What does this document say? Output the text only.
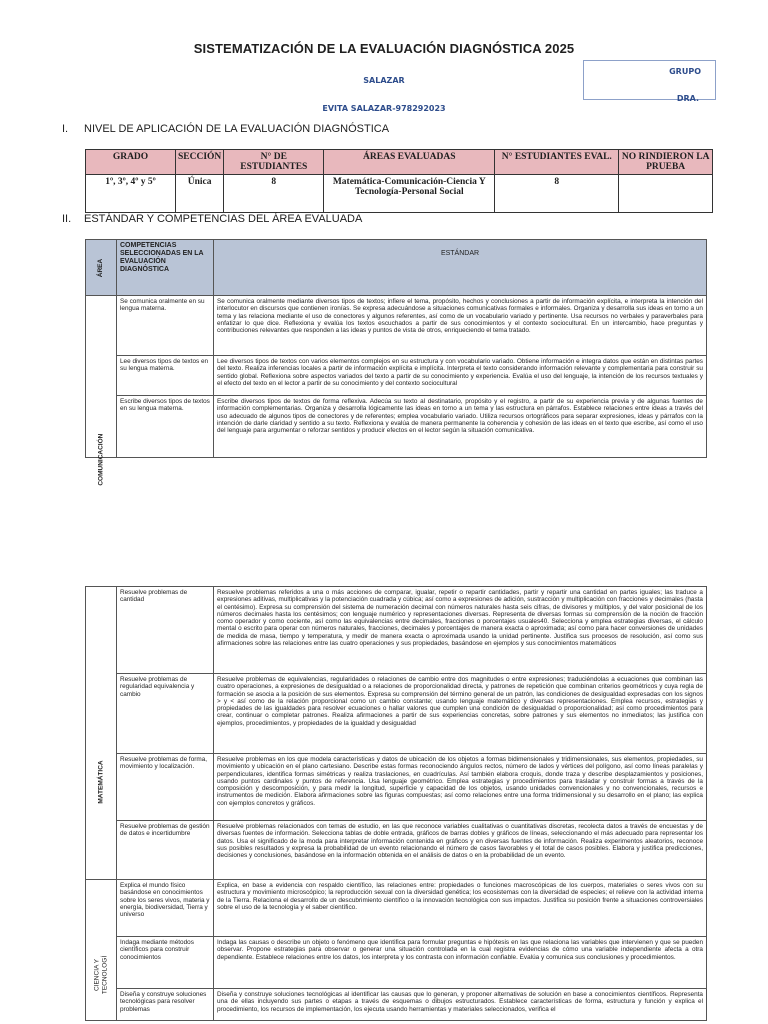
SISTEMATIZACIÓN DE LA EVALUACIÓN DIAGNÓSTICA 2025
SALAZAR
EVITA SALAZAR-978292023
GRUPO
DRA.
I. NIVEL DE APLICACIÓN DE LA EVALUACIÓN DIAGNÓSTICA
GRADO	SECCIÓN	N° DE ESTUDIANTES	ÁREAS EVALUADAS	N° ESTUDIANTES EVAL.	NO RINDIERON LA PRUEBA
1º, 3º, 4º y 5º	Única	8	Matemática-Comunicación-Ciencia Y Tecnología-Personal Social	8	
II. ESTÁNDAR Y COMPETENCIAS DEL ÁREA EVALUADA
ÁREA	COMPETENCIAS SELECCIONADAS EN LA EVALUACIÓN DIAGNÓSTICA	ESTÁNDAR

COMUNICACIÓN	Se comunica oralmente en su lengua materna.	Se comunica oralmente mediante diversos tipos de textos; infiere el tema, propósito, hechos y conclusiones a partir de información explícita, e interpreta la intención del interlocutor en discursos que contienen ironías. Se expresa adecuándose a situaciones comunicativas formales e informales. Organiza y desarrolla sus ideas en torno a un tema y las relaciona mediante el uso de conectores y algunos referentes, así como de un vocabulario variado y pertinente. Usa recursos no verbales y paraverbales para enfatizar lo que dice. Reflexiona y evalúa los textos escuchados a partir de sus conocimientos y el contexto sociocultural. En un intercambio, hace preguntas y contribuciones relevantes que responden a las ideas y puntos de vista de otros, enriqueciendo el tema tratado.
	Lee diversos tipos de textos en su lengua materna.	Lee diversos tipos de textos con varios elementos complejos en su estructura y con vocabulario variado. Obtiene información e integra datos que están en distintas partes del texto. Realiza inferencias locales a partir de información explícita e implícita. Interpreta el texto considerando información relevante y complementaria para construir su sentido global. Reflexiona sobre aspectos variados del texto a partir de su conocimiento y experiencia. Evalúa el uso del lenguaje, la intención de los recursos textuales y el efecto del texto en el lector a partir de su conocimiento y del contexto sociocultural
	Escribe diversos tipos de textos en su lengua materna.	Escribe diversos tipos de textos de forma reflexiva. Adecúa su texto al destinatario, propósito y el registro, a partir de su experiencia previa y de algunas fuentes de información complementarias. Organiza y desarrolla lógicamente las ideas en torno a un tema y las estructura en párrafos. Establece relaciones entre ideas a través del uso adecuado de algunos tipos de conectores y de referentes; emplea vocabulario variado. Utiliza recursos ortográficos para separar expresiones, ideas y párrafos con la intención de darle claridad y sentido a su texto. Reflexiona y evalúa de manera permanente la coherencia y cohesión de las ideas en el texto que escribe, así como el uso del lenguaje para argumentar o reforzar sentidos y producir efectos en el lector según la situación comunicativa.
MATEMÁTICA	Resuelve problemas de cantidad	Resuelve problemas referidos a una o más acciones de comparar, igualar, repetir o repartir cantidades, partir y repartir una cantidad en partes iguales; las traduce a expresiones aditivas, multiplicativas y la potenciación cuadrada y cúbica; así como a expresiones de adición, sustracción y multiplicación con fracciones y decimales (hasta el centésimo). Expresa su comprensión del sistema de numeración decimal con números naturales hasta seis cifras, de divisores y múltiplos, y del valor posicional de los números decimales hasta los centésimos; con lenguaje numérico y representaciones diversas. Representa de diversas formas su comprensión de la noción de fracción como operador y como cociente, así como las equivalencias entre decimales, fracciones o porcentajes usuales40. Selecciona y emplea estrategias diversas, el cálculo mental o escrito para operar con números naturales, fracciones, decimales y porcentajes de manera exacta o aproximada; así como para hacer conversiones de unidades de medida de masa, tiempo y temperatura, y medir de manera exacta o aproximada usando la unidad pertinente. Justifica sus procesos de resolución, así como sus afirmaciones sobre las relaciones entre las cuatro operaciones y sus propiedades, basándose en ejemplos y sus conocimientos matemáticos
	Resuelve problemas de regularidad equivalencia y cambio	Resuelve problemas de equivalencias, regularidades o relaciones de cambio entre dos magnitudes o entre expresiones; traduciéndolas a ecuaciones que combinan las cuatro operaciones, a expresiones de desigualdad o a relaciones de proporcionalidad directa, y patrones de repetición que combinan criterios geométricos y cuya regla de formación se asocia a la posición de sus elementos. Expresa su comprensión del término general de un patrón, las condiciones de desigualdad expresadas con los signos > y < así como de la relación proporcional como un cambio constante; usando lenguaje matemático y diversas representaciones. Emplea recursos, estrategias y propiedades de las igualdades para resolver ecuaciones o hallar valores que cumplen una condición de desigualdad o proporcionalidad; así como procedimientos para crear, continuar o completar patrones. Realiza afirmaciones a partir de sus experiencias concretas, sobre patrones y sus elementos no inmediatos; las justifica con ejemplos, procedimientos, y propiedades de la igualdad y desigualdad
	Resuelve problemas de forma, movimiento y localización.	Resuelve problemas en los que modela características y datos de ubicación de los objetos a formas bidimensionales y tridimensionales, sus elementos, propiedades, su movimiento y ubicación en el plano cartesiano. Describe estas formas reconociendo ángulos rectos, número de lados y vértices del polígono, así como líneas paralelas y perpendiculares, identifica formas simétricas y realiza traslaciones, en cuadrículas. Así también elabora croquis, donde traza y describe desplazamientos y posiciones, usando puntos cardinales y puntos de referencia. Usa lenguaje geométrico. Emplea estrategias y procedimientos para trasladar y construir formas a través de la composición y descomposición, y para medir la longitud, superficie y capacidad de los objetos, usando unidades convencionales y no convencionales, recursos e instrumentos de medición. Elabora afirmaciones sobre las figuras compuestas; así como relaciones entre una forma tridimensional y su desarrollo en el plano; las explica con ejemplos concretos y gráficos.
	Resuelve problemas de gestión de datos e incertidumbre	Resuelve problemas relacionados con temas de estudio, en las que reconoce variables cualitativas o cuantitativas discretas, recolecta datos a través de encuestas y de diversas fuentes de información. Selecciona tablas de doble entrada, gráficos de barras dobles y gráficos de líneas, seleccionando el más adecuado para representar los datos. Usa el significado de la moda para interpretar información contenida en gráficos y en diversas fuentes de información. Realiza experimentos aleatorios, reconoce sus posibles resultados y expresa la probabilidad de un evento relacionando el número de casos favorables y el total de casos posibles. Elabora y justifica predicciones, decisiones y conclusiones, basándose en la información obtenida en el análisis de datos o en la probabilidad de un evento.

CIENCIA Y
TECNOLOGÍ	Explica el mundo físico basándose en conocimientos sobre los seres vivos, materia y energía, biodiversidad, Tierra y universo	Explica, en base a evidencia con respaldo científico, las relaciones entre: propiedades o funciones macroscópicas de los cuerpos, materiales o seres vivos con su estructura y movimiento microscópico; la reproducción sexual con la diversidad genética; los ecosistemas con la diversidad de especies; el relieve con la actividad interna de la Tierra. Relaciona el desarrollo de un descubrimiento científico o la innovación tecnológica con sus impactos. Justifica su posición frente a situaciones controversiales sobre el uso de la tecnología y el saber científico.
	Indaga mediante métodos científicos para construir conocimientos	Indaga las causas o describe un objeto o fenómeno que identifica para formular preguntas e hipótesis en las que relaciona las variables que intervienen y que se pueden observar. Propone estrategias para observar o generar una situación controlada en la cual registra evidencias de cómo una variable independiente afecta a otra dependiente. Establece relaciones entre los datos, los interpreta y los contrasta con información confiable. Evalúa y comunica sus conclusiones y procedimientos.
	Diseña y construye soluciones tecnológicas para resolver problemas	Diseña y construye soluciones tecnológicas al identificar las causas que lo generan, y proponer alternativas de solución en base a conocimientos científicos. Representa una de ellas incluyendo sus partes o etapas a través de esquemas o dibujos estructurados. Establece características de forma, estructura y función y explica el procedimiento, los recursos de implementación, los ejecuta usando herramientas y materiales seleccionados, verifica el
